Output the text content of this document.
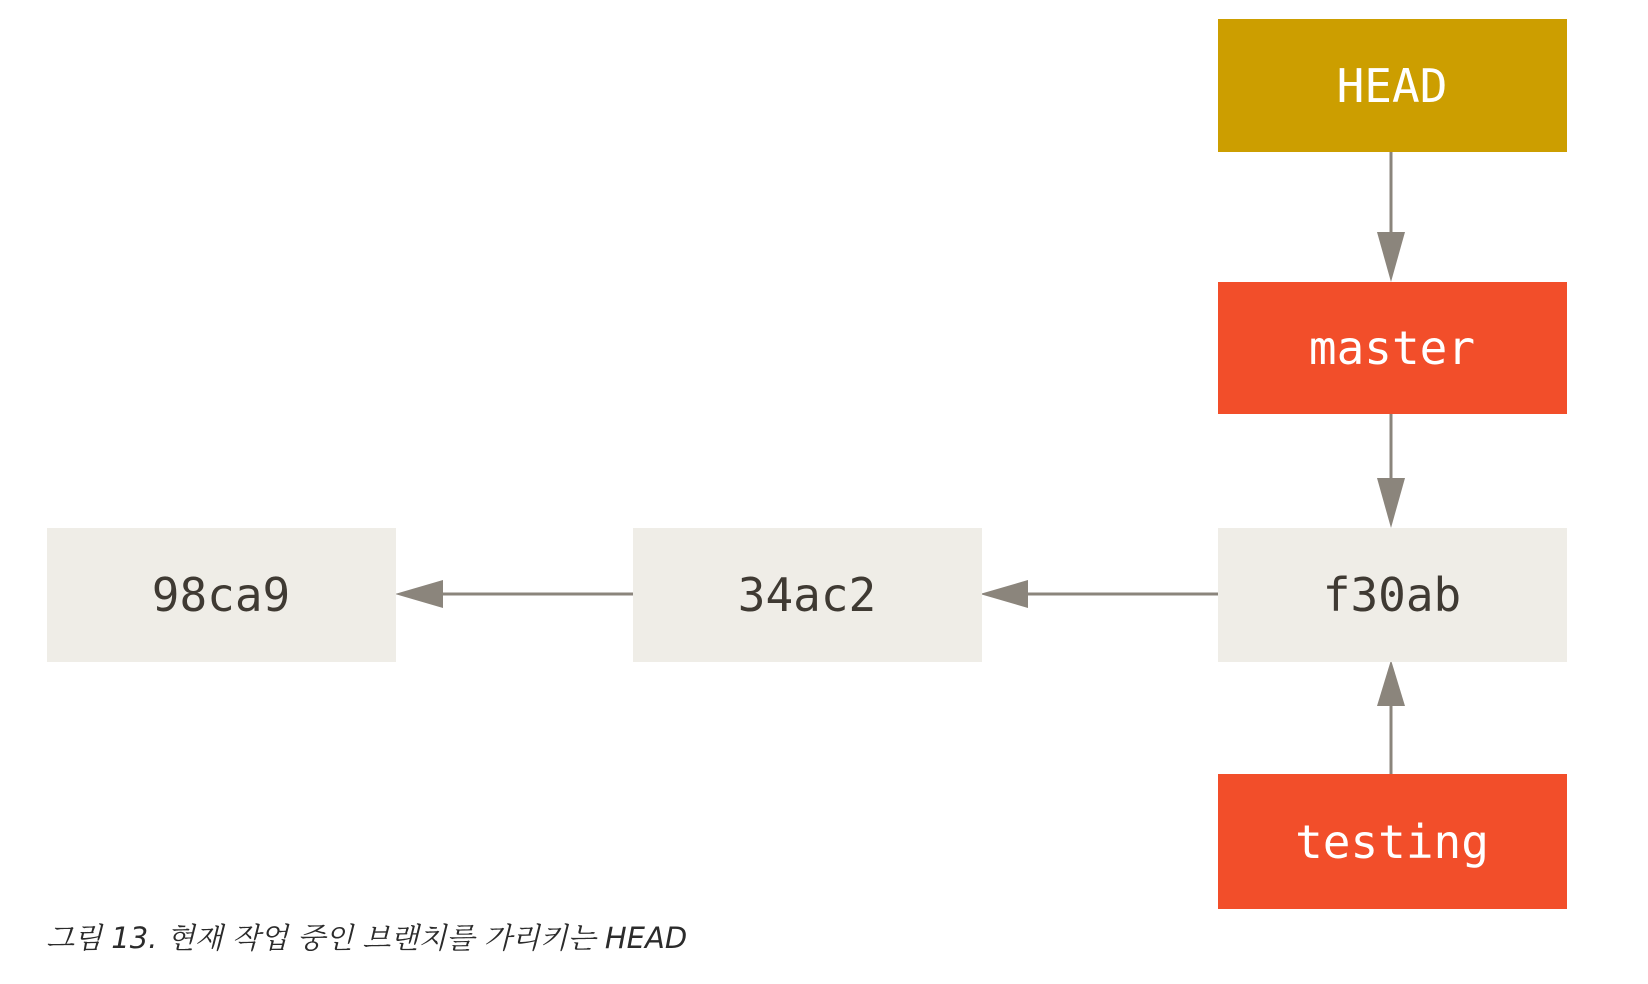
HEAD
master
f30ab
34ac2
98ca9
testing
그림 13. 현재 작업 중인 브랜치를 가리키는 HEAD
